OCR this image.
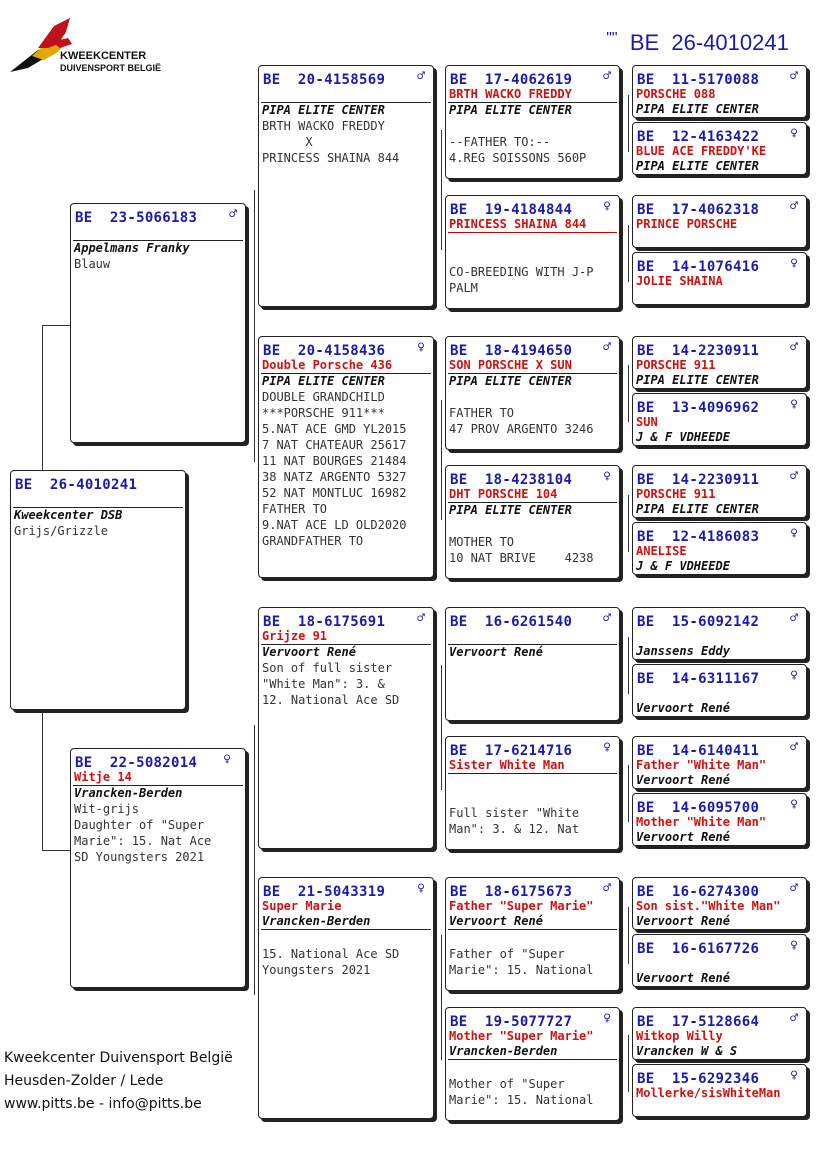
"" BE  26-4010241

KWEEKCENTER
DUIVENSPORT BELGIË
BE  26-4010241
Kweekcenter DSB
Grijs/Grizzle
BE  23-5066183 ♂
Appelmans Franky
Blauw
BE  22-5082014 ♀
Witje 14
Vrancken-Berden
Wit-grijs
Daughter of "Super
Marie": 15. Nat Ace
SD Youngsters 2021
BE  20-4158569 ♂
PIPA ELITE CENTER
BRTH WACKO FREDDY
X
PRINCESS SHAINA 844
BE  20-4158436 ♀
Double Porsche 436
PIPA ELITE CENTER
DOUBLE GRANDCHILD
***PORSCHE 911***
5.NAT ACE GMD YL2015
7 NAT CHATEAUR 25617
11 NAT BOURGES 21484
38 NATZ ARGENTO 5327
52 NAT MONTLUC 16982
FATHER TO
9.NAT ACE LD OLD2020
GRANDFATHER TO
BE  18-6175691 ♂
Grijze 91
Vervoort René
Son of full sister
"White Man": 3. &
12. National Ace SD
BE  21-5043319 ♀
Super Marie
Vrancken-Berden
15. National Ace SD
Youngsters 2021
BE  17-4062619 ♂
BRTH WACKO FREDDY
PIPA ELITE CENTER
--FATHER TO:--
4.REG SOISSONS 560P
BE  19-4184844 ♀
PRINCESS SHAINA 844
CO-BREEDING WITH J-P
PALM
BE  18-4194650 ♂
SON PORSCHE X SUN
PIPA ELITE CENTER
FATHER TO
47 PROV ARGENTO 3246
BE  18-4238104 ♀
DHT PORSCHE 104
PIPA ELITE CENTER
MOTHER TO
10 NAT BRIVE    4238
BE  16-6261540 ♂
Vervoort René
BE  17-6214716 ♀
Sister White Man
Full sister "White
Man": 3. & 12. Nat
BE  18-6175673 ♂
Father "Super Marie"
Vervoort René
Father of "Super
Marie": 15. National
BE  19-5077727 ♀
Mother "Super Marie"
Vrancken-Berden
Mother of "Super
Marie": 15. National
BE  11-5170088 ♂
PORSCHE 088
PIPA ELITE CENTER
BE  12-4163422 ♀
BLUE ACE FREDDY'KE
PIPA ELITE CENTER
BE  17-4062318 ♂
PRINCE PORSCHE
BE  14-1076416 ♀
JOLIE SHAINA
BE  14-2230911 ♂
PORSCHE 911
PIPA ELITE CENTER
BE  13-4096962 ♀
SUN
J & F VDHEEDE
BE  14-2230911 ♂
PORSCHE 911
PIPA ELITE CENTER
BE  12-4186083 ♀
ANELISE
J & F VDHEEDE
BE  15-6092142 ♂
Janssens Eddy
BE  14-6311167 ♀
Vervoort René
BE  14-6140411 ♂
Father "White Man"
Vervoort René
BE  14-6095700 ♀
Mother "White Man"
Vervoort René
BE  16-6274300 ♂
Son sist."White Man"
Vervoort René
BE  16-6167726 ♀
Vervoort René
BE  17-5128664 ♂
Witkop Willy
Vrancken W & S
BE  15-6292346 ♀
Mollerke/sisWhiteMan
Kweekcenter Duivensport België
Heusden-Zolder / Lede
www.pitts.be - info@pitts.be
